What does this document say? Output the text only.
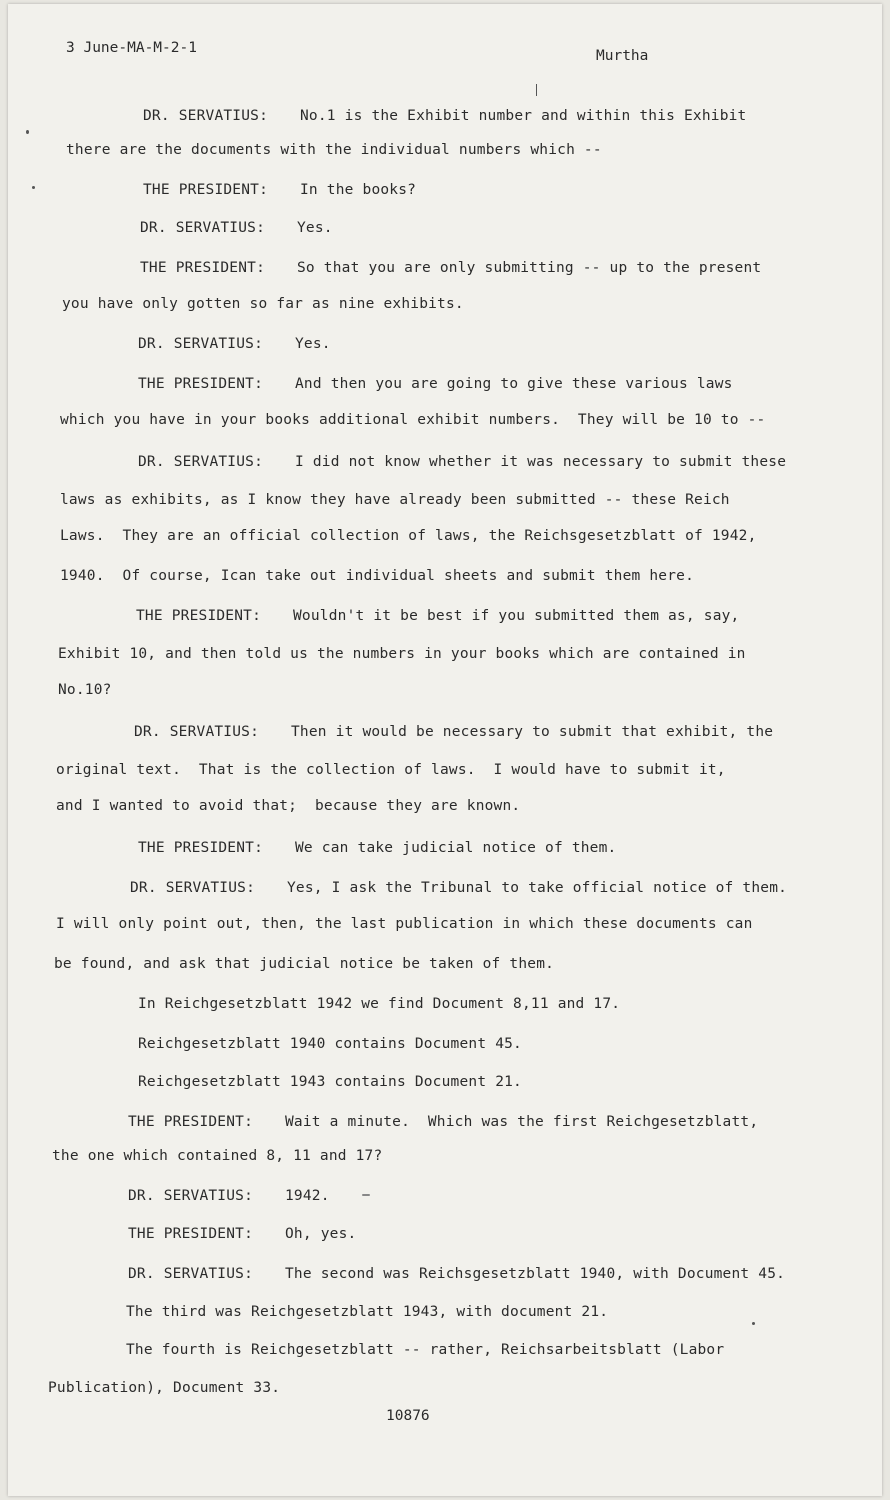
3 June-MA-M-2-1	Murtha
DR. SERVATIUS: No.1 is the Exhibit number and within this Exhibit
there are the documents with the individual numbers which --
THE PRESIDENT: In the books?
DR. SERVATIUS: Yes.
THE PRESIDENT: So that you are only submitting -- up to the present
you have only gotten so far as nine exhibits.
DR. SERVATIUS: Yes.
THE PRESIDENT: And then you are going to give these various laws
which you have in your books additional exhibit numbers.  They will be 10 to --
DR. SERVATIUS: I did not know whether it was necessary to submit these
laws as exhibits, as I know they have already been submitted -- these Reich
Laws.  They are an official collection of laws, the Reichsgesetzblatt of 1942,
1940.  Of course, Ican take out individual sheets and submit them here.
THE PRESIDENT: Wouldn't it be best if you submitted them as, say,
Exhibit 10, and then told us the numbers in your books which are contained in
No.10?
DR. SERVATIUS: Then it would be necessary to submit that exhibit, the
original text.  That is the collection of laws.  I would have to submit it,
and I wanted to avoid that;  because they are known.
THE PRESIDENT: We can take judicial notice of them.
DR. SERVATIUS: Yes, I ask the Tribunal to take official notice of them.
I will only point out, then, the last publication in which these documents can
be found, and ask that judicial notice be taken of them.
In Reichgesetzblatt 1942 we find Document 8,11 and 17.
Reichgesetzblatt 1940 contains Document 45.
Reichgesetzblatt 1943 contains Document 21.
THE PRESIDENT: Wait a minute.  Which was the first Reichgesetzblatt,
the one which contained 8, 11 and 17?
DR. SERVATIUS: 1942.
THE PRESIDENT: Oh, yes.
DR. SERVATIUS: The second was Reichsgesetzblatt 1940, with Document 45.
The third was Reichgesetzblatt 1943, with document 21.
The fourth is Reichgesetzblatt -- rather, Reichsarbeitsblatt (Labor
Publication), Document 33.
10876
